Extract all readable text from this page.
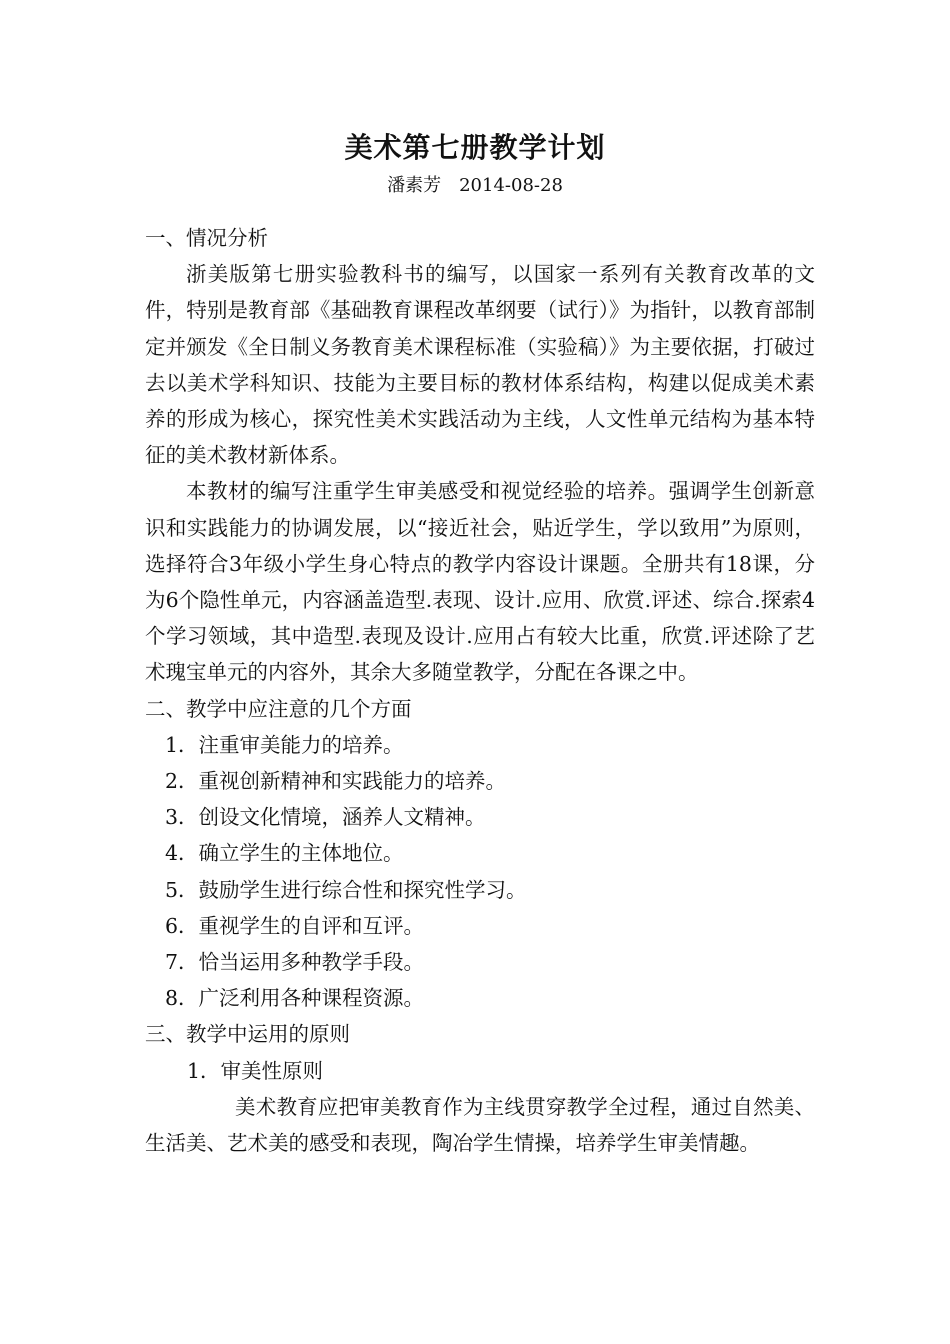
美术第七册教学计划
潘素芳 2014-08-28

一、情况分析

浙美版第七册实验教科书的编写，以国家一系列有关教育改革的文件，特别是教育部《基础教育课程改革纲要（试行）》为指针，以教育部制定并颁发《全日制义务教育美术课程标准（实验稿）》为主要依据，打破过去以美术学科知识、技能为主要目标的教材体系结构，构建以促成美术素养的形成为核心，探究性美术实践活动为主线，人文性单元结构为基本特征的美术教材新体系。

本教材的编写注重学生审美感受和视觉经验的培养。强调学生创新意识和实践能力的协调发展，以“接近社会，贴近学生，学以致用”为原则，选择符合3年级小学生身心特点的教学内容设计课题。全册共有18课，分为6个隐性单元，内容涵盖造型.表现、设计.应用、欣赏.评述、综合.探索4个学习领域，其中造型.表现及设计.应用占有较大比重，欣赏.评述除了艺术瑰宝单元的内容外，其余大多随堂教学，分配在各课之中。

二、教学中应注意的几个方面

1．注重审美能力的培养。

2．重视创新精神和实践能力的培养。

3．创设文化情境，涵养人文精神。

4．确立学生的主体地位。

5．鼓励学生进行综合性和探究性学习。

6．重视学生的自评和互评。

7．恰当运用多种教学手段。

8．广泛利用各种课程资源。

三、教学中运用的原则

1．审美性原则

美术教育应把审美教育作为主线贯穿教学全过程，通过自然美、生活美、艺术美的感受和表现，陶冶学生情操，培养学生审美情趣。
